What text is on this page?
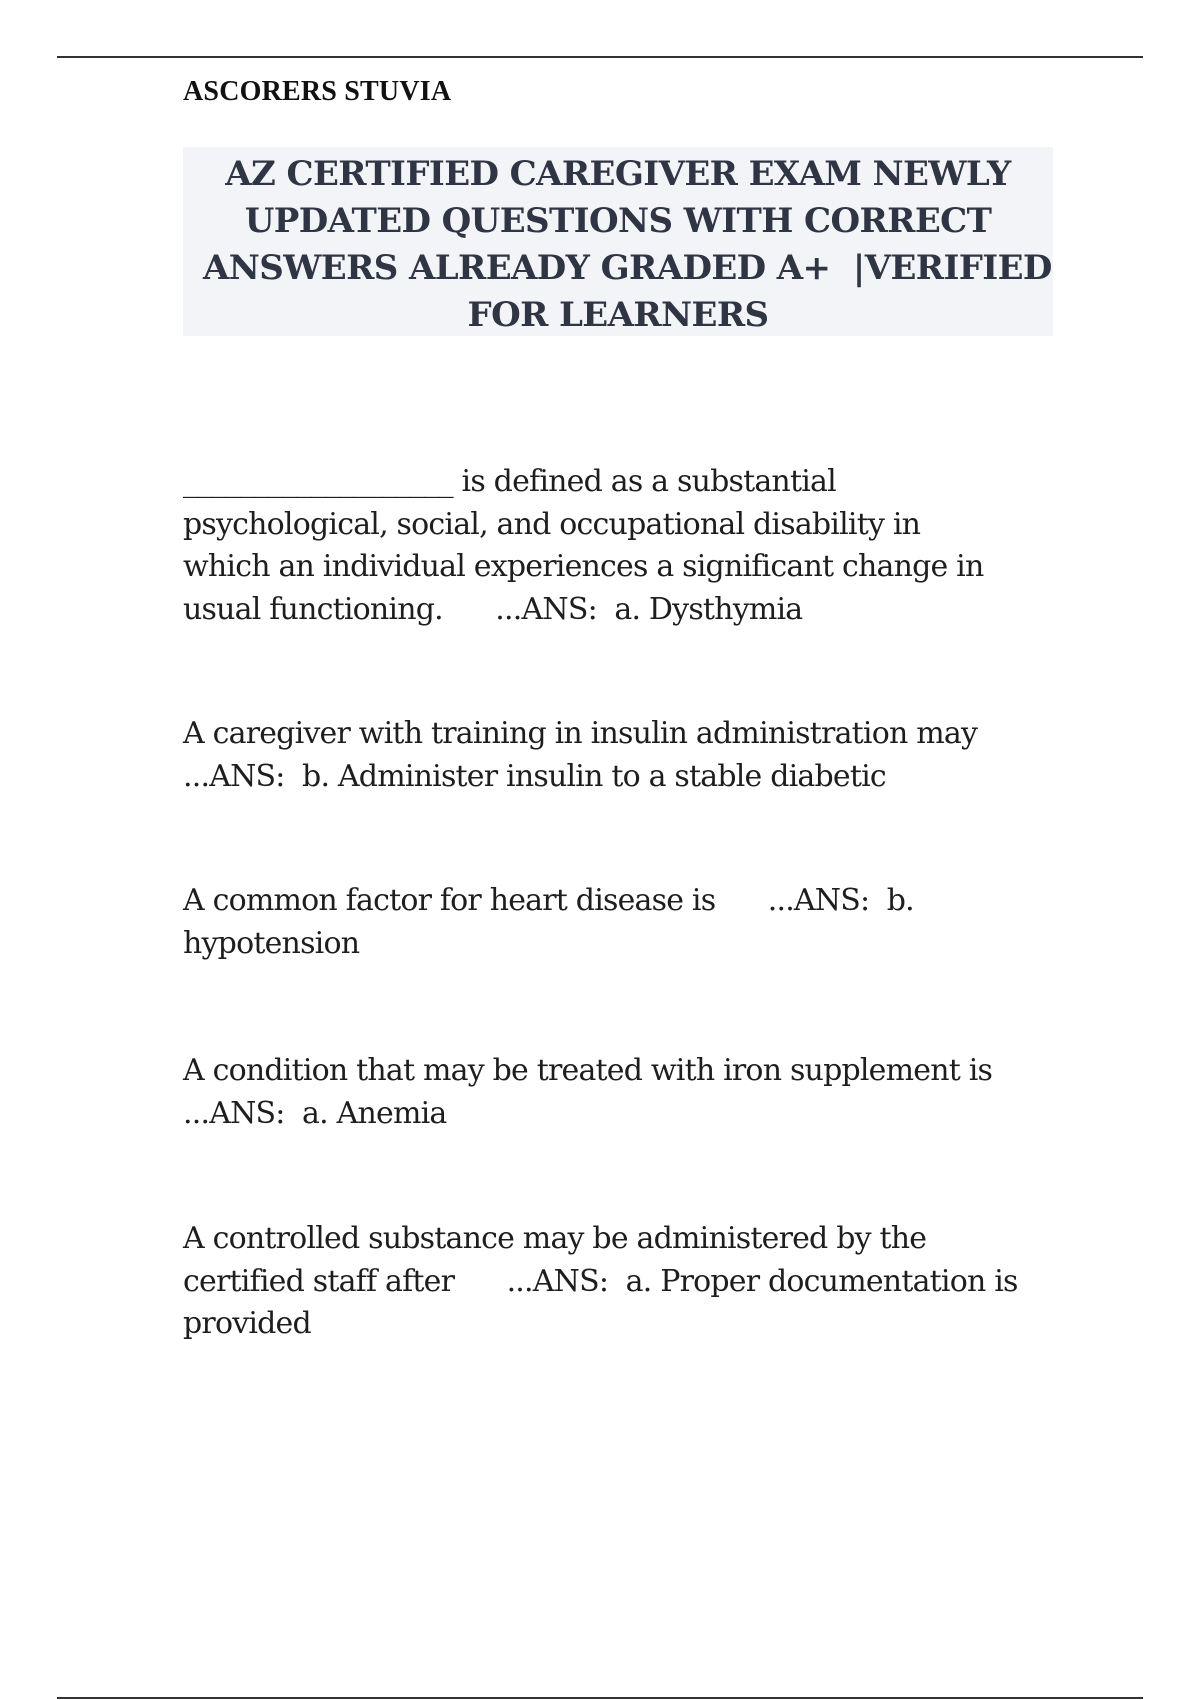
ASCORERS STUVIA
AZ CERTIFIED CAREGIVER EXAM NEWLY
UPDATED QUESTIONS WITH CORRECT
ANSWERS ALREADY GRADED A+  |VERIFIED
FOR LEARNERS
___________________ is defined as a substantial
psychological, social, and occupational disability in
which an individual experiences a significant change in
usual functioning.      ...ANS:  a. Dysthymia
A caregiver with training in insulin administration may
...ANS:  b. Administer insulin to a stable diabetic
A common factor for heart disease is      ...ANS:  b.
hypotension
A condition that may be treated with iron supplement is
...ANS:  a. Anemia
A controlled substance may be administered by the
certified staff after      ...ANS:  a. Proper documentation is
provided
